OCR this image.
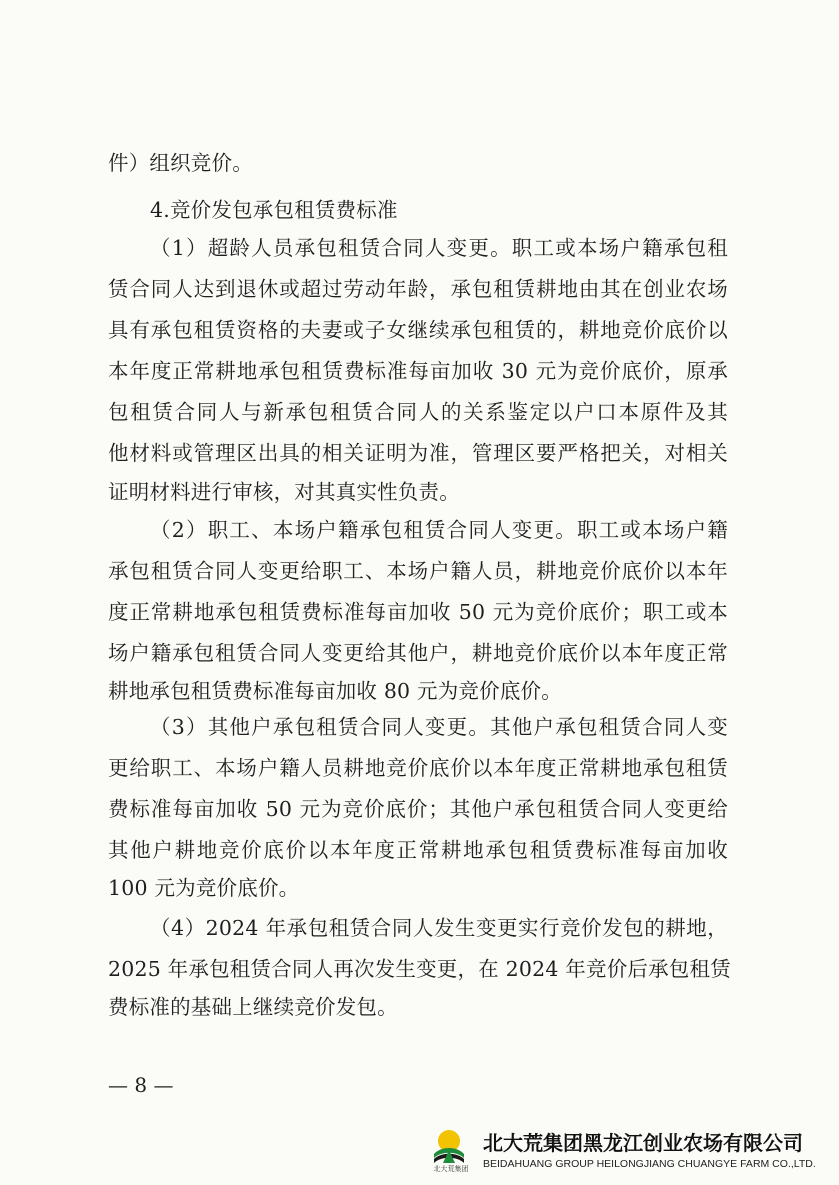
件）组织竞价。
4.竞价发包承包租赁费标准
（1）超龄人员承包租赁合同人变更。职工或本场户籍承包租
赁合同人达到退休或超过劳动年龄，承包租赁耕地由其在创业农场
具有承包租赁资格的夫妻或子女继续承包租赁的，耕地竞价底价以
本年度正常耕地承包租赁费标准每亩加收 30 元为竞价底价，原承
包租赁合同人与新承包租赁合同人的关系鉴定以户口本原件及其
他材料或管理区出具的相关证明为准，管理区要严格把关，对相关
证明材料进行审核，对其真实性负责。
（2）职工、本场户籍承包租赁合同人变更。职工或本场户籍
承包租赁合同人变更给职工、本场户籍人员，耕地竞价底价以本年
度正常耕地承包租赁费标准每亩加收 50 元为竞价底价；职工或本
场户籍承包租赁合同人变更给其他户，耕地竞价底价以本年度正常
耕地承包租赁费标准每亩加收 80 元为竞价底价。
（3）其他户承包租赁合同人变更。其他户承包租赁合同人变
更给职工、本场户籍人员耕地竞价底价以本年度正常耕地承包租赁
费标准每亩加收 50 元为竞价底价；其他户承包租赁合同人变更给
其他户耕地竞价底价以本年度正常耕地承包租赁费标准每亩加收
100 元为竞价底价。
（4）2024 年承包租赁合同人发生变更实行竞价发包的耕地，
2025 年承包租赁合同人再次发生变更，在 2024 年竞价后承包租赁
费标准的基础上继续竞价发包。
— 8 —
北大荒集团
北大荒集团黑龙江创业农场有限公司
BEIDAHUANG GROUP HEILONGJIANG CHUANGYE FARM CO.,LTD.
